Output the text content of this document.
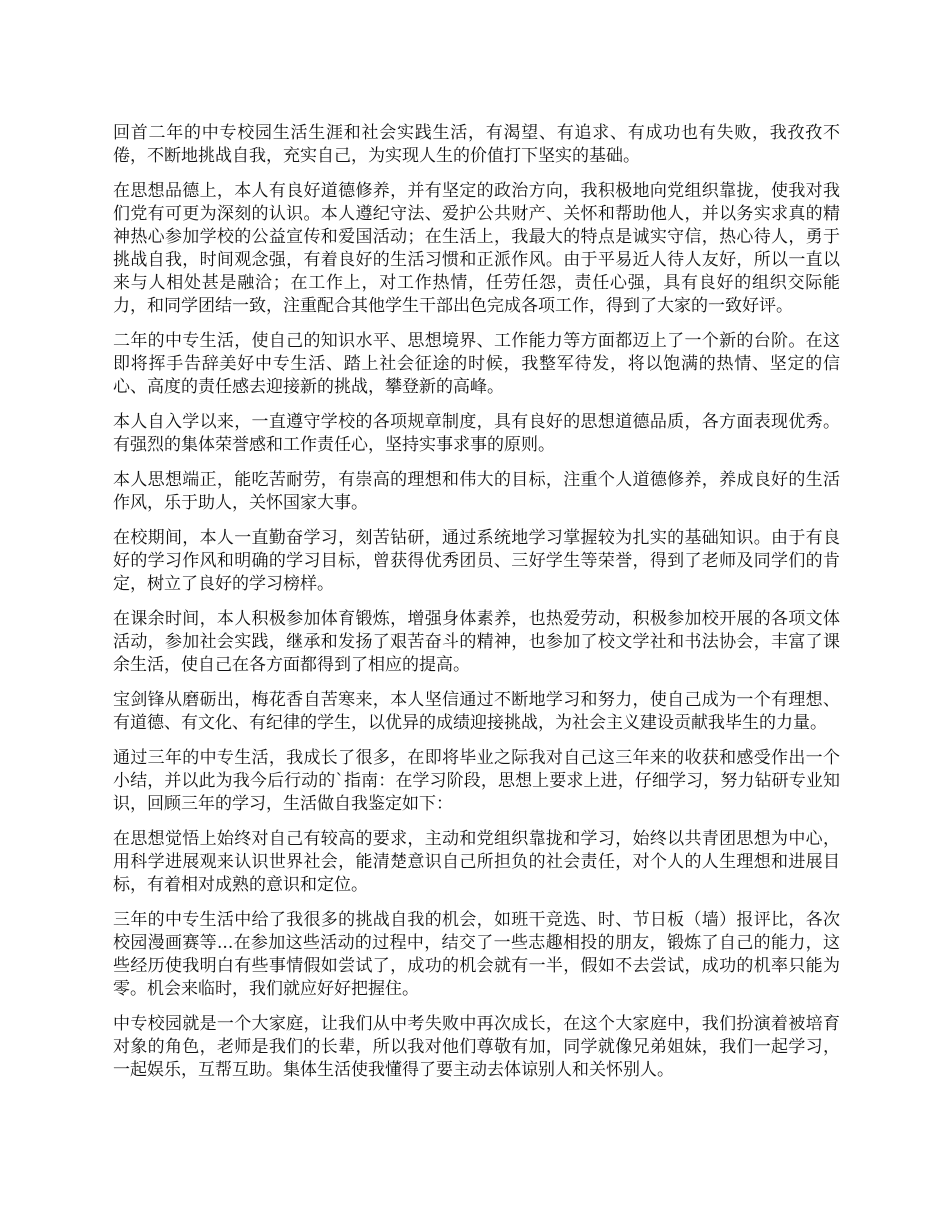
回首二年的中专校园生活生涯和社会实践生活，有渴望、有追求、有成功也有失败，我孜孜不倦，不断地挑战自我，充实自己，为实现人生的价值打下坚实的基础。

在思想品德上，本人有良好道德修养，并有坚定的政治方向，我积极地向党组织靠拢，使我对我们党有可更为深刻的认识。本人遵纪守法、爱护公共财产、关怀和帮助他人，并以务实求真的精神热心参加学校的公益宣传和爱国活动；在生活上，我最大的特点是诚实守信，热心待人，勇于挑战自我，时间观念强，有着良好的生活习惯和正派作风。由于平易近人待人友好，所以一直以来与人相处甚是融洽；在工作上，对工作热情，任劳任怨，责任心强，具有良好的组织交际能力，和同学团结一致，注重配合其他学生干部出色完成各项工作，得到了大家的一致好评。

二年的中专生活，使自己的知识水平、思想境界、工作能力等方面都迈上了一个新的台阶。在这即将挥手告辞美好中专生活、踏上社会征途的时候，我整军待发，将以饱满的热情、坚定的信心、高度的责任感去迎接新的挑战，攀登新的高峰。

本人自入学以来，一直遵守学校的各项规章制度，具有良好的思想道德品质，各方面表现优秀。有强烈的集体荣誉感和工作责任心，坚持实事求事的原则。

本人思想端正，能吃苦耐劳，有崇高的理想和伟大的目标，注重个人道德修养，养成良好的生活作风，乐于助人，关怀国家大事。

在校期间，本人一直勤奋学习，刻苦钻研，通过系统地学习掌握较为扎实的基础知识。由于有良好的学习作风和明确的学习目标，曾获得优秀团员、三好学生等荣誉，得到了老师及同学们的肯定，树立了良好的学习榜样。

在课余时间，本人积极参加体育锻炼，增强身体素养，也热爱劳动，积极参加校开展的各项文体活动，参加社会实践，继承和发扬了艰苦奋斗的精神，也参加了校文学社和书法协会，丰富了课余生活，使自己在各方面都得到了相应的提高。

宝剑锋从磨砺出，梅花香自苦寒来，本人坚信通过不断地学习和努力，使自己成为一个有理想、有道德、有文化、有纪律的学生，以优异的成绩迎接挑战，为社会主义建设贡献我毕生的力量。

通过三年的中专生活，我成长了很多，在即将毕业之际我对自己这三年来的收获和感受作出一个小结，并以此为我今后行动的`指南：在学习阶段，思想上要求上进，仔细学习，努力钻研专业知识，回顾三年的学习，生活做自我鉴定如下：

在思想觉悟上始终对自己有较高的要求，主动和党组织靠拢和学习，始终以共青团思想为中心，用科学进展观来认识世界社会，能清楚意识自己所担负的社会责任，对个人的人生理想和进展目标，有着相对成熟的意识和定位。

三年的中专生活中给了我很多的挑战自我的机会，如班干竞选、时、节日板（墙）报评比，各次校园漫画赛等...在参加这些活动的过程中，结交了一些志趣相投的朋友，锻炼了自己的能力，这些经历使我明白有些事情假如尝试了，成功的机会就有一半，假如不去尝试，成功的机率只能为零。机会来临时，我们就应好好把握住。

中专校园就是一个大家庭，让我们从中考失败中再次成长，在这个大家庭中，我们扮演着被培育对象的角色，老师是我们的长辈，所以我对他们尊敬有加，同学就像兄弟姐妹，我们一起学习，一起娱乐，互帮互助。集体生活使我懂得了要主动去体谅别人和关怀别人。
